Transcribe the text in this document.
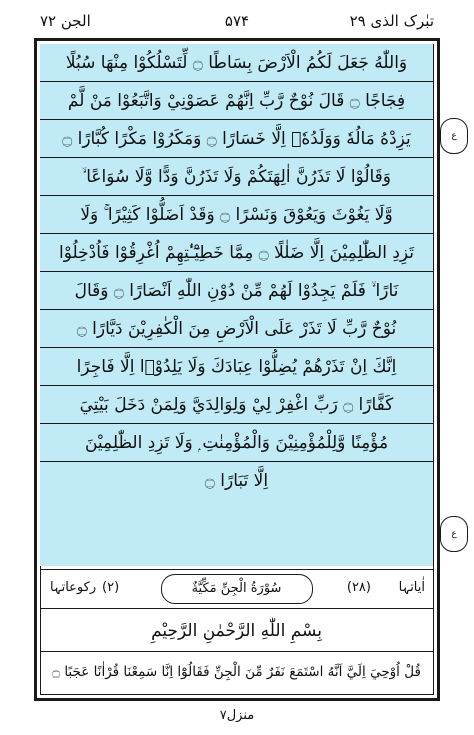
تبٰرک الذی ۲۹
۵۷۴
الجن ۷۲
وَاللّٰهُ جَعَلَ لَكُمُ الْاَرْضَ بِسَاطًا ۝ لِّتَسْلُكُوْا مِنْهَا سُبُلًا
فِجَاجًا ۝ قَالَ نُوْحٌ رَّبِّ اِنَّهُمْ عَصَوْنِيْ وَاتَّبَعُوْا مَنْ لَّمْ
يَزِدْهُ مَالُهٗ وَوَلَدُهٗۤ اِلَّا خَسَارًا ۝ وَمَكَرُوْا مَكْرًا كُبَّارًا ۝
وَقَالُوْا لَا تَذَرُنَّ اٰلِهَتَكُمْ وَلَا تَذَرُنَّ وَدًّا وَّلَا سُوَاعًا ۙ
وَّلَا يَغُوْثَ وَيَعُوْقَ وَنَسْرًا ۝ وَقَدْ اَضَلُّوْا كَثِيْرًا ۚ وَلَا
تَزِدِ الظّٰلِمِيْنَ اِلَّا ضَلٰلًا ۝ مِمَّا خَطِيْٓـٰٔتِهِمْ اُغْرِقُوْا فَاُدْخِلُوْا
نَارًا ۙ فَلَمْ يَجِدُوْا لَهُمْ مِّنْ دُوْنِ اللّٰهِ اَنْصَارًا ۝ وَقَالَ
نُوْحٌ رَّبِّ لَا تَذَرْ عَلَى الْاَرْضِ مِنَ الْكٰفِرِيْنَ دَيَّارًا ۝
اِنَّكَ اِنْ تَذَرْهُمْ يُضِلُّوْا عِبَادَكَ وَلَا يَلِدُوْۤا اِلَّا فَاجِرًا
كَفَّارًا ۝ رَبِّ اغْفِرْ لِيْ وَلِوَالِدَيَّ وَلِمَنْ دَخَلَ بَيْتِيَ
مُؤْمِنًا وَّلِلْمُؤْمِنِيْنَ وَالْمُؤْمِنٰتِ ۭ وَلَا تَزِدِ الظّٰلِمِيْنَ
اِلَّا تَبَارًا ۝
اٰیاتہا
(۲۸)
سُوْرَةُ الْجِنِّ مَكِّيَّةٌ
(۲)
رکوعاتہا
بِسْمِ اللّٰهِ الرَّحْمٰنِ الرَّحِيْمِ
قُلْ اُوْحِيَ اِلَيَّ اَنَّهُ اسْتَمَعَ نَفَرٌ مِّنَ الْجِنِّ فَقَالُوْٓا اِنَّا سَمِعْنَا قُرْاٰنًا عَجَبًا ۝
ع
ع
منزل۷
